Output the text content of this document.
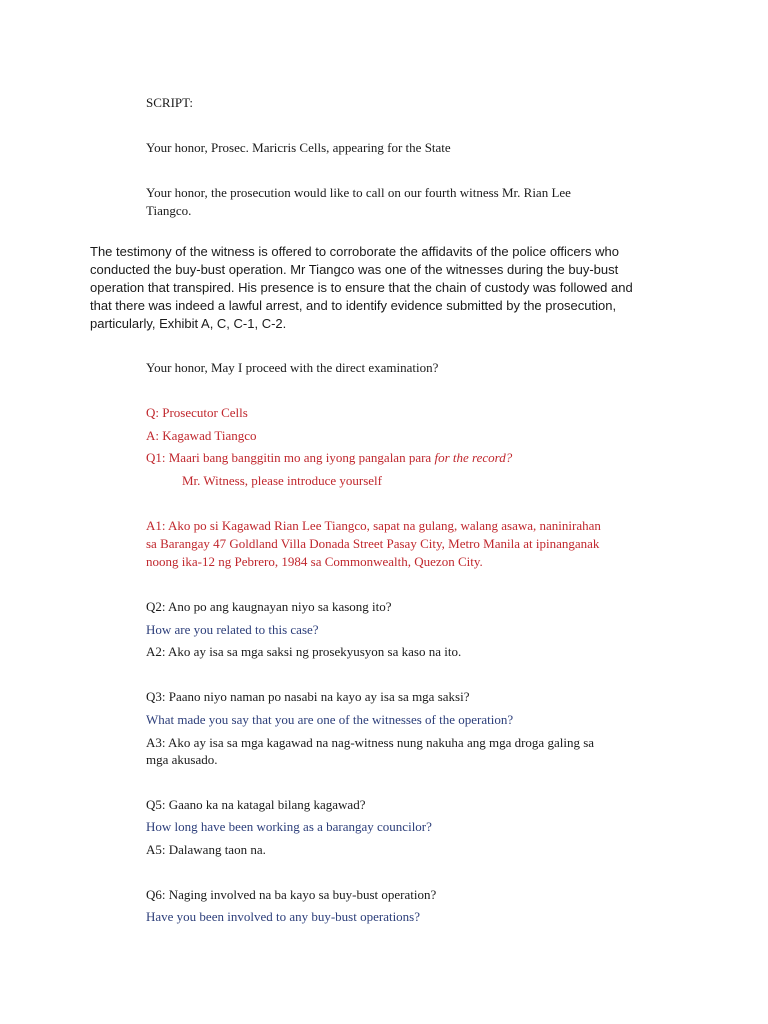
SCRIPT:
Your honor, Prosec. Maricris Cells, appearing for the State
Your honor, the prosecution would like to call on our fourth witness Mr. Rian Lee
Tiangco.
The testimony of the witness is offered to corroborate the affidavits of the police officers who
conducted the buy-bust operation. Mr Tiangco was one of the witnesses during the buy-bust
operation that transpired. His presence is to ensure that the chain of custody was followed and
that there was indeed a lawful arrest, and to identify evidence submitted by the prosecution,
particularly, Exhibit A, C, C-1, C-2.
Your honor, May I proceed with the direct examination?
Q: Prosecutor Cells
A: Kagawad Tiangco
Q1: Maari bang banggitin mo ang iyong pangalan para for the record?
Mr. Witness, please introduce yourself
A1: Ako po si Kagawad Rian Lee Tiangco, sapat na gulang, walang asawa, naninirahan
sa Barangay 47 Goldland Villa Donada Street Pasay City, Metro Manila at ipinanganak
noong ika-12 ng Pebrero, 1984 sa Commonwealth, Quezon City.
Q2: Ano po ang kaugnayan niyo sa kasong ito?
How are you related to this case?
A2: Ako ay isa sa mga saksi ng prosekyusyon sa kaso na ito.
Q3: Paano niyo naman po nasabi na kayo ay isa sa mga saksi?
What made you say that you are one of the witnesses of the operation?
A3: Ako ay isa sa mga kagawad na nag-witness nung nakuha ang mga droga galing sa
mga akusado.
Q5: Gaano ka na katagal bilang kagawad?
How long have been working as a barangay councilor?
A5: Dalawang taon na.
Q6: Naging involved na ba kayo sa buy-bust operation?
Have you been involved to any buy-bust operations?
